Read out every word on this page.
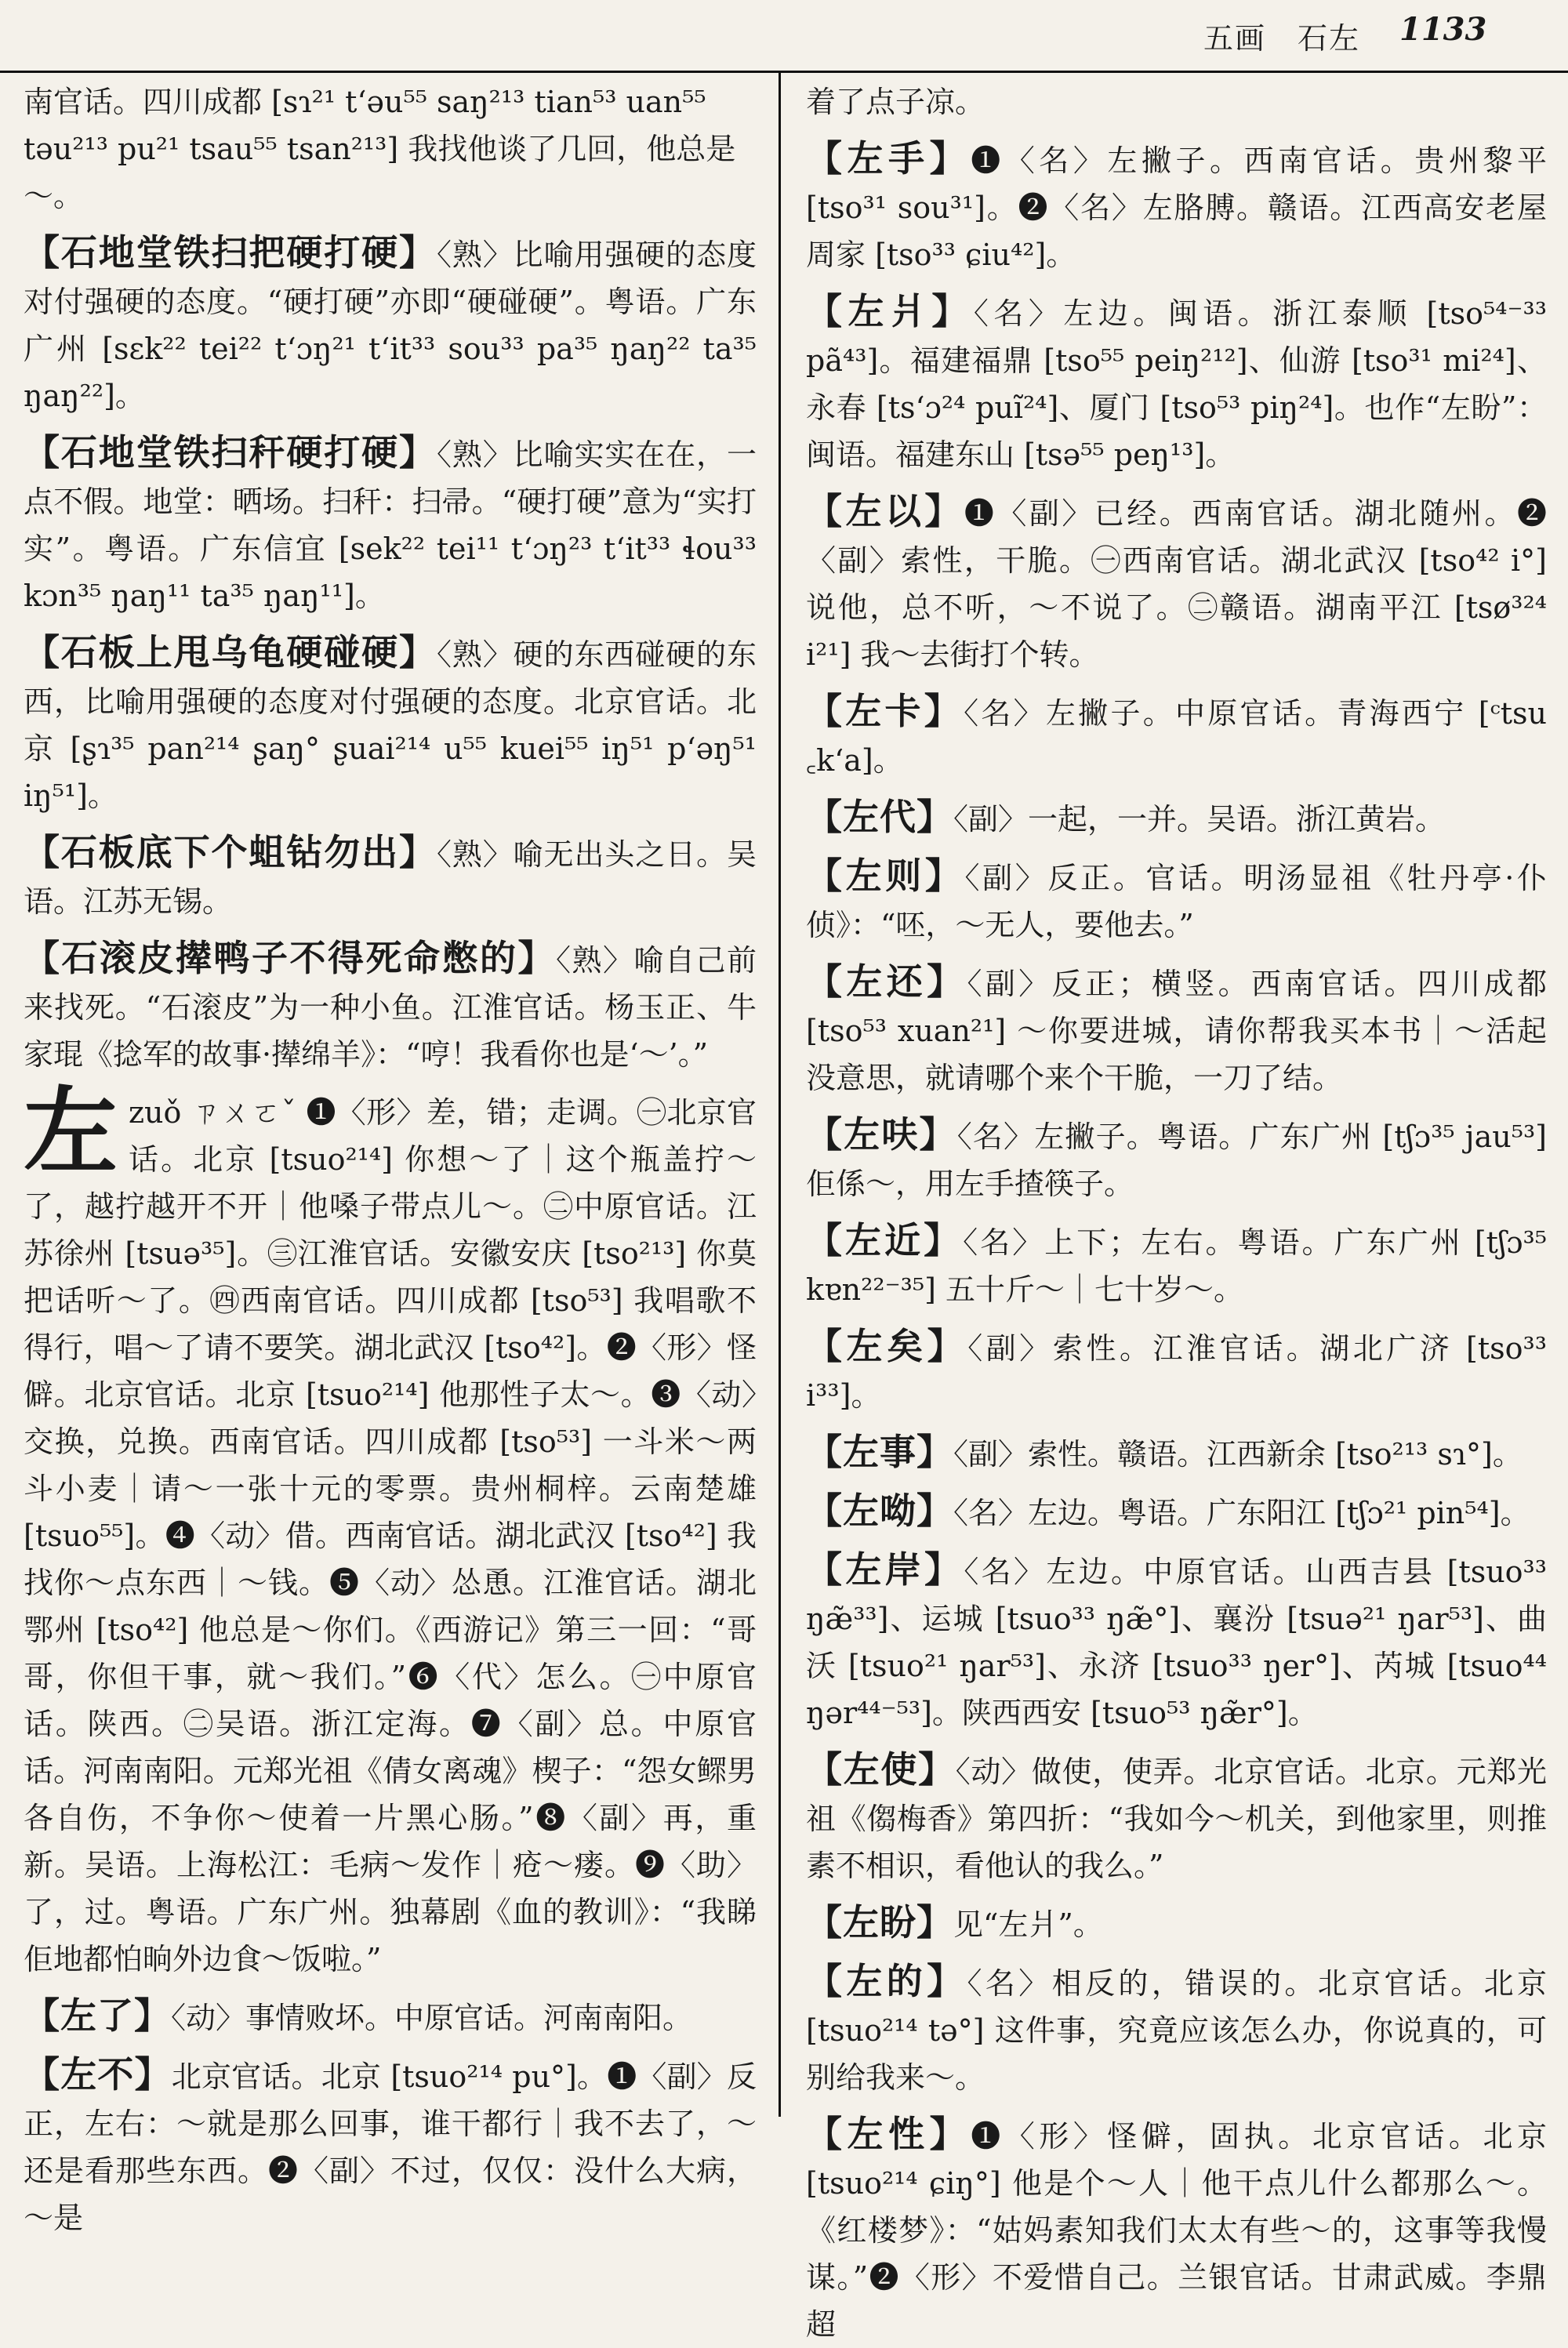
五画　石左 1133
南官话。四川成都 [sɿ²¹ tʻəu⁵⁵ saŋ²¹³ tian⁵³ uan⁵⁵ təu²¹³ pu²¹ tsau⁵⁵ tsan²¹³] 我找他谈了几回，他总是～。
【石地堂铁扫把硬打硬】〈熟〉比喻用强硬的态度对付强硬的态度。“硬打硬”亦即“硬碰硬”。粤语。广东广州 [sɛk²² tei²² tʻɔŋ²¹ tʻit³³ sou³³ pa³⁵ ŋaŋ²² ta³⁵ ŋaŋ²²]。
【石地堂铁扫秆硬打硬】〈熟〉比喻实实在在，一点不假。地堂：晒场。扫秆：扫帚。“硬打硬”意为“实打实”。粤语。广东信宜 [sek²² tei¹¹ tʻɔŋ²³ tʻit³³ ɬou³³ kɔn³⁵ ŋaŋ¹¹ ta³⁵ ŋaŋ¹¹]。
【石板上甩乌龟硬碰硬】〈熟〉硬的东西碰硬的东西，比喻用强硬的态度对付强硬的态度。北京官话。北京 [ʂɿ³⁵ pan²¹⁴ ʂaŋ° ʂuai²¹⁴ u⁵⁵ kuei⁵⁵ iŋ⁵¹ pʻəŋ⁵¹ iŋ⁵¹]。
【石板底下个蛆钻勿出】〈熟〉喻无出头之日。吴语。江苏无锡。
【石滚皮撵鸭子不得死命憋的】〈熟〉喻自己前来找死。“石滚皮”为一种小鱼。江淮官话。杨玉正、牛家琨《捻军的故事·撵绵羊》：“哼！我看你也是‘～’。”
左zuǒ ㄗㄨㄛˇ ❶〈形〉差，错；走调。㊀北京官话。北京 [tsuo²¹⁴] 你想～了｜这个瓶盖拧～了，越拧越开不开｜他嗓子带点儿～。㊁中原官话。江苏徐州 [tsuə³⁵]。㊂江淮官话。安徽安庆 [tso²¹³] 你莫把话听～了。㊃西南官话。四川成都 [tso⁵³] 我唱歌不得行，唱～了请不要笑。湖北武汉 [tso⁴²]。❷〈形〉怪僻。北京官话。北京 [tsuo²¹⁴] 他那性子太～。❸〈动〉交换，兑换。西南官话。四川成都 [tso⁵³] 一斗米～两斗小麦｜请～一张十元的零票。贵州桐梓。云南楚雄 [tsuo⁵⁵]。❹〈动〉借。西南官话。湖北武汉 [tso⁴²] 我找你～点东西｜～钱。❺〈动〉怂恿。江淮官话。湖北鄂州 [tso⁴²] 他总是～你们。《西游记》第三一回：“哥哥，你但干事，就～我们。”❻〈代〉怎么。㊀中原官话。陕西。㊁吴语。浙江定海。❼〈副〉总。中原官话。河南南阳。元郑光祖《倩女离魂》楔子：“怨女鳏男各自伤，不争你～使着一片黑心肠。”❽〈副〉再，重新。吴语。上海松江：毛病～发作｜疮～瘘。❾〈助〉了，过。粤语。广东广州。独幕剧《血的教训》：“我睇佢地都怕晌外边食～饭啦。”
【左了】〈动〉事情败坏。中原官话。河南南阳。
【左不】北京官话。北京 [tsuo²¹⁴ pu°]。❶〈副〉反正，左右：～就是那么回事，谁干都行｜我不去了，～还是看那些东西。❷〈副〉不过，仅仅：没什么大病，～是
着了点子凉。
【左手】❶〈名〉左撇子。西南官话。贵州黎平 [tso³¹ sou³¹]。❷〈名〉左胳膊。赣语。江西高安老屋周家 [tso³³ ɕiu⁴²]。
【左爿】〈名〉左边。闽语。浙江泰顺 [tso⁵⁴⁻³³ pã⁴³]。福建福鼎 [tso⁵⁵ peiŋ²¹²]、仙游 [tso³¹ mi²⁴]、永春 [tsʻɔ²⁴ puĩ²⁴]、厦门 [tso⁵³ piŋ²⁴]。也作“左盼”：闽语。福建东山 [tsə⁵⁵ peŋ¹³]。
【左以】❶〈副〉已经。西南官话。湖北随州。❷〈副〉索性，干脆。㊀西南官话。湖北武汉 [tso⁴² i°] 说他，总不听，～不说了。㊁赣语。湖南平江 [tsø³²⁴ i²¹] 我～去街打个转。
【左卡】〈名〉左撇子。中原官话。青海西宁 [ᶜtsu ꜀kʻa]。
【左代】〈副〉一起，一并。吴语。浙江黄岩。
【左则】〈副〉反正。官话。明汤显祖《牡丹亭·仆侦》：“呸，～无人，要他去。”
【左还】〈副〉反正；横竖。西南官话。四川成都 [tso⁵³ xuan²¹] ～你要进城，请你帮我买本书｜～活起没意思，就请哪个来个干脆，一刀了结。
【左呋】〈名〉左撇子。粤语。广东广州 [tʃɔ³⁵ jau⁵³] 佢係～，用左手揸筷子。
【左近】〈名〉上下；左右。粤语。广东广州 [tʃɔ³⁵ kɐn²²⁻³⁵] 五十斤～｜七十岁～。
【左矣】〈副〉索性。江淮官话。湖北广济 [tso³³ i³³]。
【左事】〈副〉索性。赣语。江西新余 [tso²¹³ sɿ°]。
【左呦】〈名〉左边。粤语。广东阳江 [tʃɔ²¹ pin⁵⁴]。
【左岸】〈名〉左边。中原官话。山西吉县 [tsuo³³ ŋæ̃³³]、运城 [tsuo³³ ŋæ̃°]、襄汾 [tsuə²¹ ŋar⁵³]、曲沃 [tsuo²¹ ŋar⁵³]、永济 [tsuo³³ ŋer°]、芮城 [tsuo⁴⁴ ŋər⁴⁴⁻⁵³]。陕西西安 [tsuo⁵³ ŋæ̃r°]。
【左使】〈动〉做使，使弄。北京官话。北京。元郑光祖《㑳梅香》第四折：“我如今～机关，到他家里，则推素不相识，看他认的我么。”
【左盼】见“左爿”。
【左的】〈名〉相反的，错误的。北京官话。北京 [tsuo²¹⁴ tə°] 这件事，究竟应该怎么办，你说真的，可别给我来～。
【左性】❶〈形〉怪僻，固执。北京官话。北京 [tsuo²¹⁴ ɕiŋ°] 他是个～人｜他干点儿什么都那么～。《红楼梦》：“姑妈素知我们太太有些～的，这事等我慢谋。”❷〈形〉不爱惜自己。兰银官话。甘肃武威。李鼎超
